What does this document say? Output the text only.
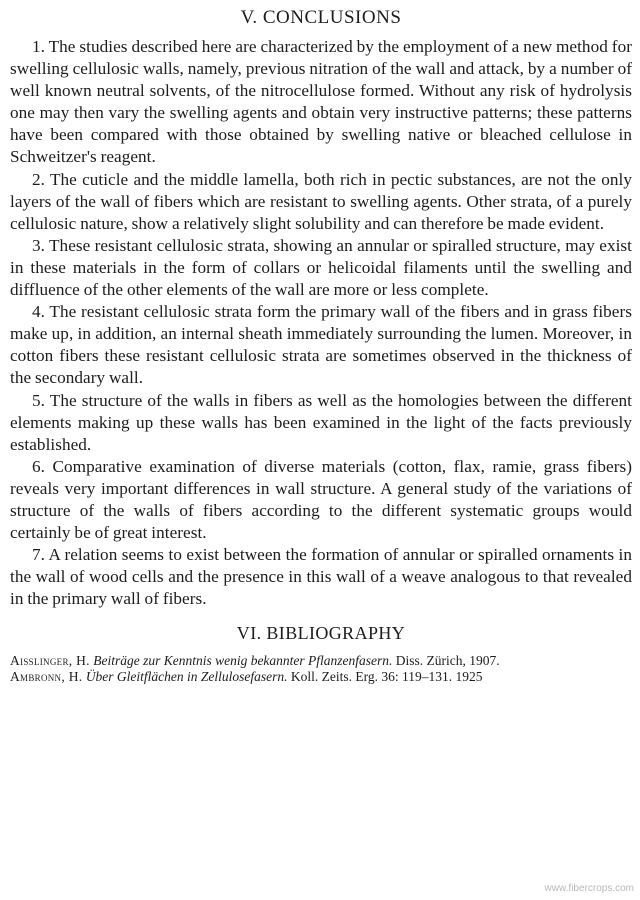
V. CONCLUSIONS

1. The studies described here are characterized by the employment of a new method for swelling cellulosic walls, namely, previous nitration of the wall and attack, by a number of well known neutral solvents, of the nitrocellulose formed. Without any risk of hydrolysis one may then vary the swelling agents and obtain very instructive patterns; these patterns have been compared with those obtained by swelling native or bleached cellulose in Schweitzer's reagent.

2. The cuticle and the middle lamella, both rich in pectic substances, are not the only layers of the wall of fibers which are resistant to swelling agents. Other strata, of a purely cellulosic nature, show a relatively slight solubility and can therefore be made evident.

3. These resistant cellulosic strata, showing an annular or spiralled structure, may exist in these materials in the form of collars or helicoidal filaments until the swelling and diffluence of the other elements of the wall are more or less complete.

4. The resistant cellulosic strata form the primary wall of the fibers and in grass fibers make up, in addition, an internal sheath immediately surrounding the lumen. Moreover, in cotton fibers these resistant cellulosic strata are sometimes observed in the thickness of the secondary wall.

5. The structure of the walls in fibers as well as the homologies between the different elements making up these walls has been examined in the light of the facts previously established.

6. Comparative examination of diverse materials (cotton, flax, ramie, grass fibers) reveals very important differences in wall structure. A general study of the variations of structure of the walls of fibers according to the different systematic groups would certainly be of great interest.

7. A relation seems to exist between the formation of annular or spiralled ornaments in the wall of wood cells and the presence in this wall of a weave analogous to that revealed in the primary wall of fibers.

VI. BIBLIOGRAPHY

Aisslinger, H. Beiträge zur Kenntnis wenig bekannter Pflanzenfasern. Diss. Zürich, 1907.

Ambronn, H. Über Gleitflächen in Zellulosefasern. Koll. Zeits. Erg. 36: 119–131. 1925

www.fibercrops.com
